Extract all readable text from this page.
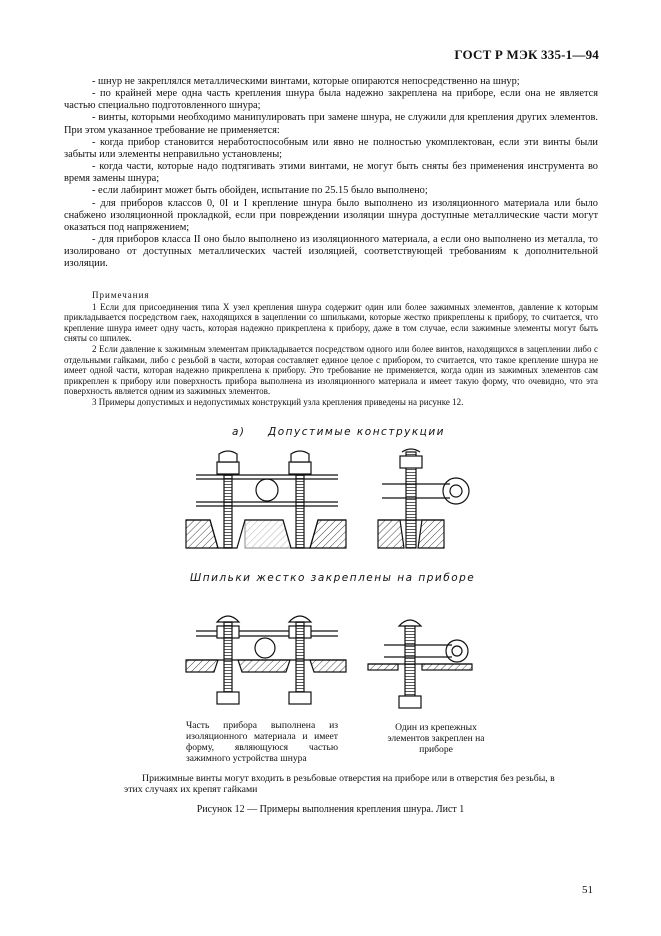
ГОСТ Р МЭК 335-1—94

- шнур не закреплялся металлическими винтами, которые опираются непосредственно на шнур;

- по крайней мере одна часть крепления шнура была надежно закреплена на приборе, если она не является частью специально подготовленного шнура;

- винты, которыми необходимо манипулировать при замене шнура, не служили для крепления других элементов. При этом указанное требование не применяется:

- когда прибор становится неработоспособным или явно не полностью укомплектован, если эти винты были забыты или элементы неправильно установлены;

- когда части, которые надо подтягивать этими винтами, не могут быть сняты без применения инструмента во время замены шнура;

- если лабиринт может быть обойден, испытание по 25.15 было выполнено;

- для приборов классов 0, 0I и I крепление шнура было выполнено из изоляционного материала или было снабжено изоляционной прокладкой, если при повреждении изоляции шнура доступные металлические части могут оказаться под напряжением;

- для приборов класса II оно было выполнено из изоляционного материала, а если оно выполнено из металла, то изолировано от доступных металлических частей изоляцией, соответствующей требованиям к дополнительной изоляции.

Примечания

1 Если для присоединения типа X узел крепления шнура содержит один или более зажимных элементов, давление к которым прикладывается посредством гаек, находящихся в зацеплении со шпильками, которые жестко прикреплены к прибору, то считается, что крепление шнура имеет одну часть, которая надежно прикреплена к прибору, даже в том случае, если зажимные элементы могут быть сняты со шпилек.

2 Если давление к зажимным элементам прикладывается посредством одного или более винтов, находящихся в зацеплении либо с отдельными гайками, либо с резьбой в части, которая составляет единое целое с прибором, то считается, что такое крепление шнура не имеет одной части, которая надежно прикреплена к прибору. Это требование не применяется, когда один из зажимных элементов сам прикреплен к прибору или поверхность прибора выполнена из изоляционного материала и имеет такую форму, что очевидно, что эта поверхность является одним из зажимных элементов.

3 Примеры допустимых и недопустимых конструкций узла крепления приведены на рисунке 12.

а) Допустимые конструкции
Шпильки жестко закреплены на приборе
Часть прибора выполнена из изоляционного материала и имеет форму, являющуюся частью зажимного устройства шнура
Один из крепежных элементов закреплен на приборе
Прижимные винты могут входить в резьбовые отверстия на приборе или в отверстия без резьбы, в этих случаях их крепят гайками
Рисунок 12 — Примеры выполнения крепления шнура. Лист 1
51
